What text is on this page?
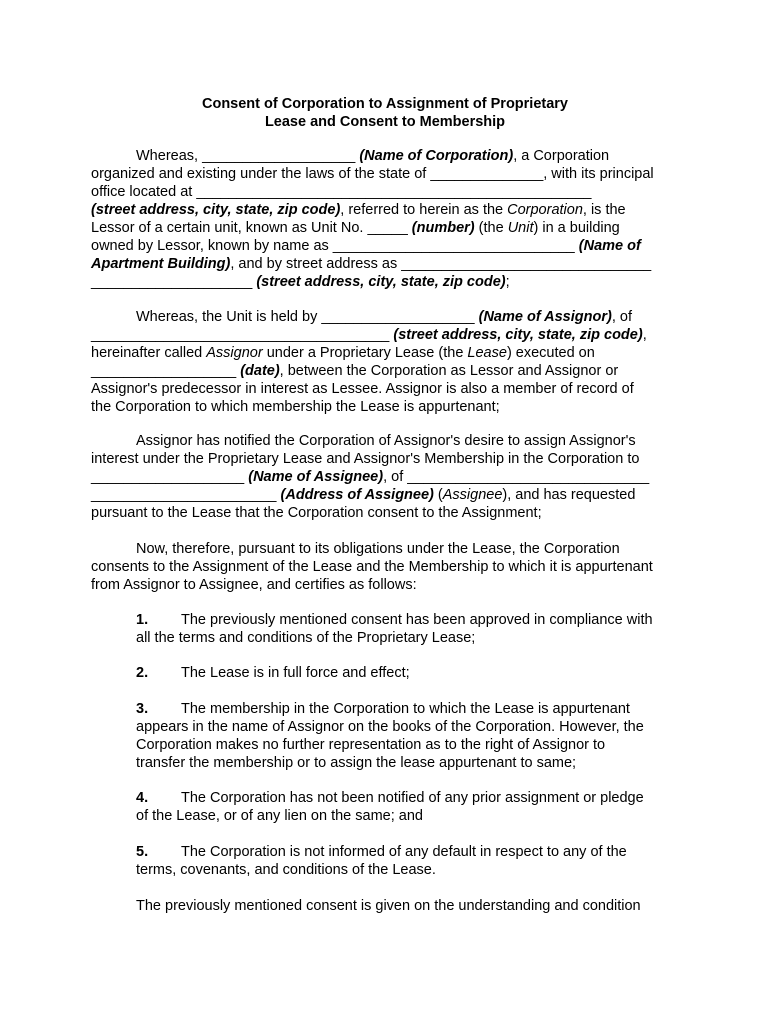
Consent of Corporation to Assignment of Proprietary
Lease and Consent to Membership
Whereas, ___________________ (Name of Corporation), a Corporation
organized and existing under the laws of the state of ______________, with its principal
office located at _________________________________________________
(street address, city, state, zip code), referred to herein as the Corporation, is the
Lessor of a certain unit, known as Unit No. _____ (number) (the Unit) in a building
owned by Lessor, known by name as ______________________________ (Name of
Apartment Building), and by street address as _______________________________
____________________ (street address, city, state, zip code);
Whereas, the Unit is held by ___________________ (Name of Assignor), of
_____________________________________ (street address, city, state, zip code),
hereinafter called Assignor under a Proprietary Lease (the Lease) executed on
__________________ (date), between the Corporation as Lessor and Assignor or
Assignor's predecessor in interest as Lessee. Assignor is also a member of record of
the Corporation to which membership the Lease is appurtenant;
Assignor has notified the Corporation of Assignor's desire to assign Assignor's
interest under the Proprietary Lease and Assignor's Membership in the Corporation to
___________________ (Name of Assignee), of ______________________________
_______________________ (Address of Assignee) (Assignee), and has requested
pursuant to the Lease that the Corporation consent to the Assignment;
Now, therefore, pursuant to its obligations under the Lease, the Corporation
consents to the Assignment of the Lease and the Membership to which it is appurtenant
from Assignor to Assignee, and certifies as follows:
1. The previously mentioned consent has been approved in compliance with
all the terms and conditions of the Proprietary Lease;
2. The Lease is in full force and effect;
3. The membership in the Corporation to which the Lease is appurtenant
appears in the name of Assignor on the books of the Corporation. However, the
Corporation makes no further representation as to the right of Assignor to
transfer the membership or to assign the lease appurtenant to same;
4. The Corporation has not been notified of any prior assignment or pledge
of the Lease, or of any lien on the same; and
5. The Corporation is not informed of any default in respect to any of the
terms, covenants, and conditions of the Lease.
The previously mentioned consent is given on the understanding and condition
